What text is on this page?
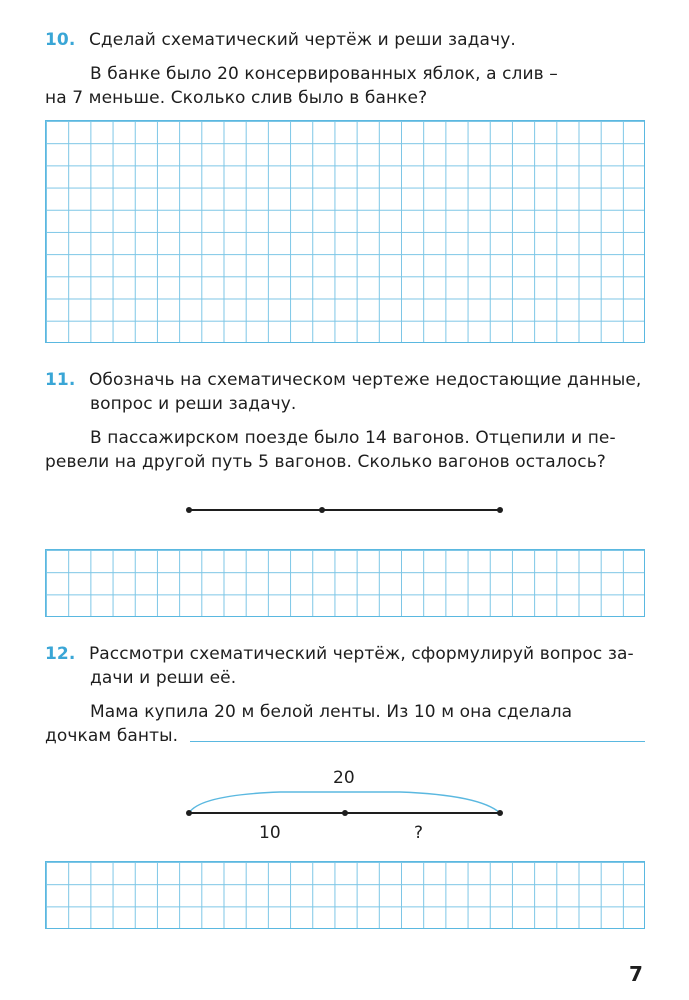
10. Сделай схематический чертёж и реши задачу.
В банке было 20 консервированных яблок, а слив –
на 7 меньше. Сколько слив было в банке?
11. Обозначь на схематическом чертеже недостающие данные,
вопрос и реши задачу.
В пассажирском поезде было 14 вагонов. Отцепили и пе-
ревели на другой путь 5 вагонов. Сколько вагонов осталось?
12. Рассмотри схематический чертёж, сформулируй вопрос за-
дачи и реши её.
Мама купила 20 м белой ленты. Из 10 м она сделала
дочкам банты.
20
10	?
7
